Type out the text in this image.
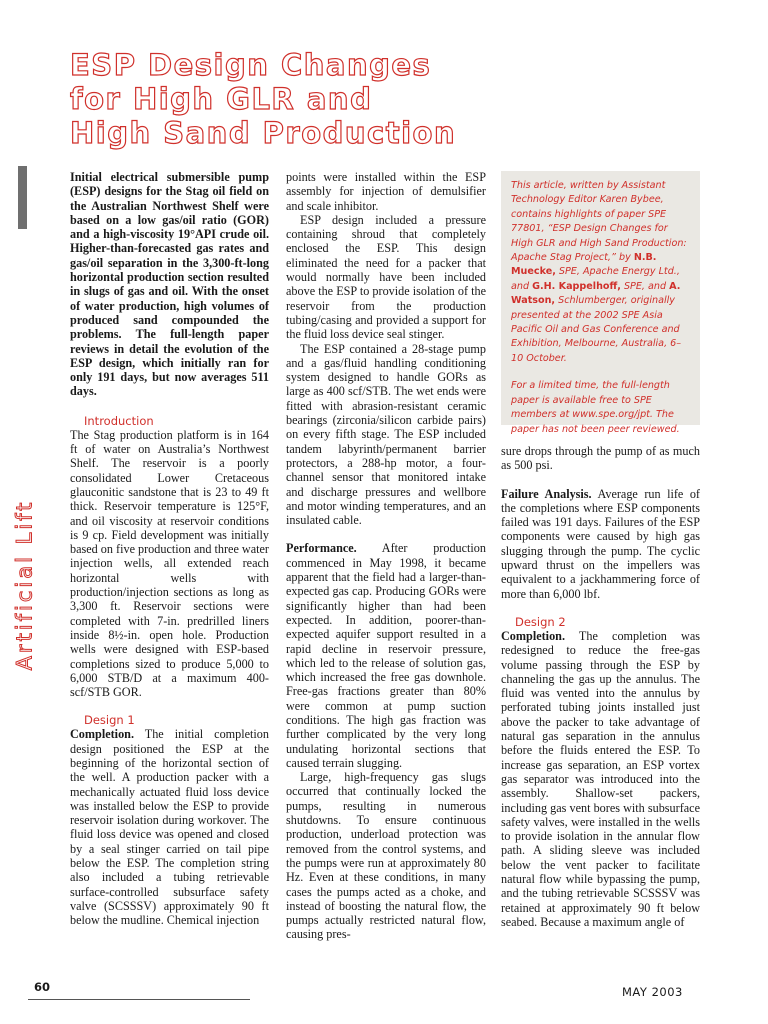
ESP Design Changes
for High GLR and
High Sand Production
Artificial Lift

Initial electrical submersible pump (ESP) designs for the Stag oil field on the Australian Northwest Shelf were based on a low gas/oil ratio (GOR) and a high-viscosity 19°API crude oil. Higher-than-forecasted gas rates and gas/oil separation in the 3,300-ft-long horizontal production section resulted in slugs of gas and oil. With the onset of water production, high volumes of produced sand compounded the problems. The full-length paper reviews in detail the evolution of the ESP design, which initially ran for only 191 days, but now averages 511 days.

Introduction

The Stag production platform is in 164 ft of water on Australia’s Northwest Shelf. The reservoir is a poorly consolidated Lower Cretaceous glauconitic sandstone that is 23 to 49 ft thick. Reservoir temperature is 125°F, and oil viscosity at reservoir conditions is 9 cp. Field development was initially based on five production and three water injection wells, all extended reach horizontal wells with production/injection sections as long as 3,300 ft. Reservoir sections were completed with 7-in. predrilled liners inside 8½-in. open hole. Production wells were designed with ESP-based completions sized to produce 5,000 to 6,000 STB/D at a maximum 400-scf/STB GOR.

Design 1

Completion. The initial completion design positioned the ESP at the beginning of the horizontal section of the well. A production packer with a mechanically actuated fluid loss device was installed below the ESP to provide reservoir isolation during workover. The fluid loss device was opened and closed by a seal stinger carried on tail pipe below the ESP. The completion string also included a tubing retrievable surface-controlled subsurface safety valve (SCSSSV) approximately 90 ft below the mudline. Chemical injection

points were installed within the ESP assembly for injection of demulsifier and scale inhibitor.

ESP design included a pressure containing shroud that completely enclosed the ESP. This design eliminated the need for a packer that would normally have been included above the ESP to provide isolation of the reservoir from the production tubing/casing and provided a support for the fluid loss device seal stinger.

The ESP contained a 28-stage pump and a gas/fluid handling conditioning system designed to handle GORs as large as 400 scf/STB. The wet ends were fitted with abrasion-resistant ceramic bearings (zirconia/silicon carbide pairs) on every fifth stage. The ESP included tandem labyrinth/permanent barrier protectors, a 288-hp motor, a four-channel sensor that monitored intake and discharge pressures and wellbore and motor winding temperatures, and an insulated cable.

Performance. After production commenced in May 1998, it became apparent that the field had a larger-than-expected gas cap. Producing GORs were significantly higher than had been expected. In addition, poorer-than-expected aquifer support resulted in a rapid decline in reservoir pressure, which led to the release of solution gas, which increased the free gas downhole. Free-gas fractions greater than 80% were common at pump suction conditions. The high gas fraction was further complicated by the very long undulating horizontal sections that caused terrain slugging.

Large, high-frequency gas slugs occurred that continually locked the pumps, resulting in numerous shutdowns. To ensure continuous production, underload protection was removed from the control systems, and the pumps were run at approximately 80 Hz. Even at these conditions, in many cases the pumps acted as a choke, and instead of boosting the natural flow, the pumps actually restricted natural flow, causing pres-

This article, written by Assistant Technology Editor Karen Bybee, contains highlights of paper SPE 77801, “ESP Design Changes for High GLR and High Sand Production: Apache Stag Project,” by N.B. Muecke, SPE, Apache Energy Ltd., and G.H. Kappelhoff, SPE, and A. Watson, Schlumberger, originally presented at the 2002 SPE Asia Pacific Oil and Gas Conference and Exhibition, Melbourne, Australia, 6–10 October.

For a limited time, the full-length paper is available free to SPE members at www.spe.org/jpt. The paper has not been peer reviewed.

sure drops through the pump of as much as 500 psi.

Failure Analysis. Average run life of the completions where ESP components failed was 191 days. Failures of the ESP components were caused by high gas slugging through the pump. The cyclic upward thrust on the impellers was equivalent to a jackhammering force of more than 6,000 lbf.

Design 2

Completion. The completion was redesigned to reduce the free-gas volume passing through the ESP by channeling the gas up the annulus. The fluid was vented into the annulus by perforated tubing joints installed just above the packer to take advantage of natural gas separation in the annulus before the fluids entered the ESP. To increase gas separation, an ESP vortex gas separator was introduced into the assembly. Shallow-set packers, including gas vent bores with subsurface safety valves, were installed in the wells to provide isolation in the annular flow path. A sliding sleeve was included below the vent packer to facilitate natural flow while bypassing the pump, and the tubing retrievable SCSSSV was retained at approximately 90 ft below seabed. Because a maximum angle of

60	MAY 2003
